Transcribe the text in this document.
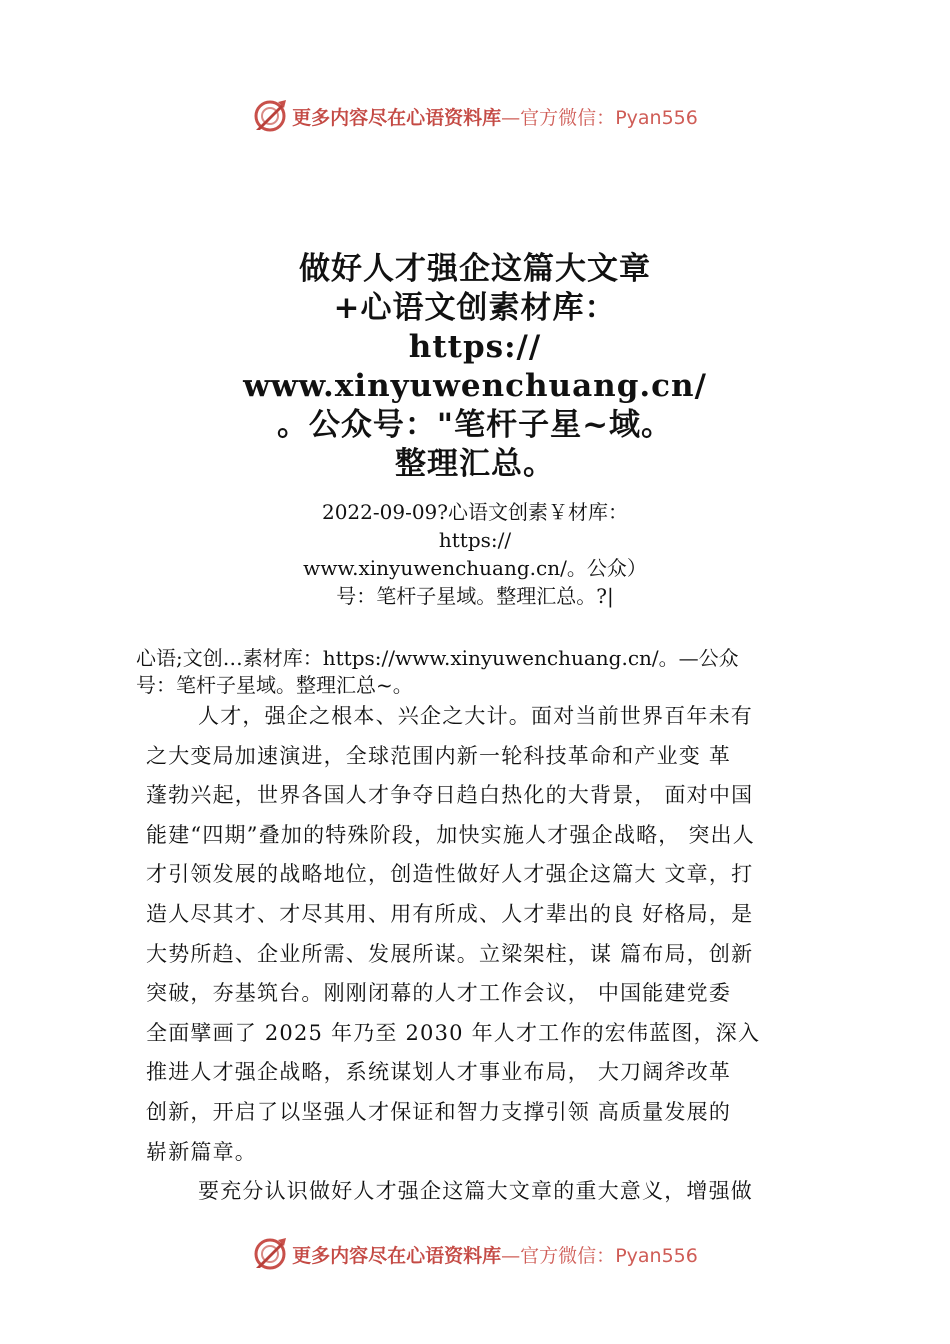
更多内容尽在心语资料库—官方微信：Pyan556
做好人才强企这篇大文章
+心语文创素材库：
https://
www.xinyuwenchuang.cn/
。公众号："笔杆子星~域。
整理汇总。
2022-09-09?心语文创素￥材库：
https://
www.xinyuwenchuang.cn/。公众）
号：笔杆子星域。整理汇总。?|
心语;文创…素材库：https://www.xinyuwenchuang.cn/。—公众
号：笔杆子星域。整理汇总~。
人才，强企之根本、兴企之大计。面对当前世界百年未有
之大变局加速演进，全球范围内新一轮科技革命和产业变 革
蓬勃兴起，世界各国人才争夺日趋白热化的大背景， 面对中国
能建“四期”叠加的特殊阶段，加快实施人才强企战略， 突出人
才引领发展的战略地位，创造性做好人才强企这篇大 文章，打
造人尽其才、才尽其用、用有所成、人才辈出的良 好格局，是
大势所趋、企业所需、发展所谋。立梁架柱，谋 篇布局，创新
突破，夯基筑台。刚刚闭幕的人才工作会议， 中国能建党委
全面擘画了 2025 年乃至 2030 年人才工作的宏伟蓝图，深入
推进人才强企战略，系统谋划人才事业布局， 大刀阔斧改革
创新，开启了以坚强人才保证和智力支撑引领 高质量发展的
崭新篇章。
要充分认识做好人才强企这篇大文章的重大意义，增强做
更多内容尽在心语资料库—官方微信：Pyan556
